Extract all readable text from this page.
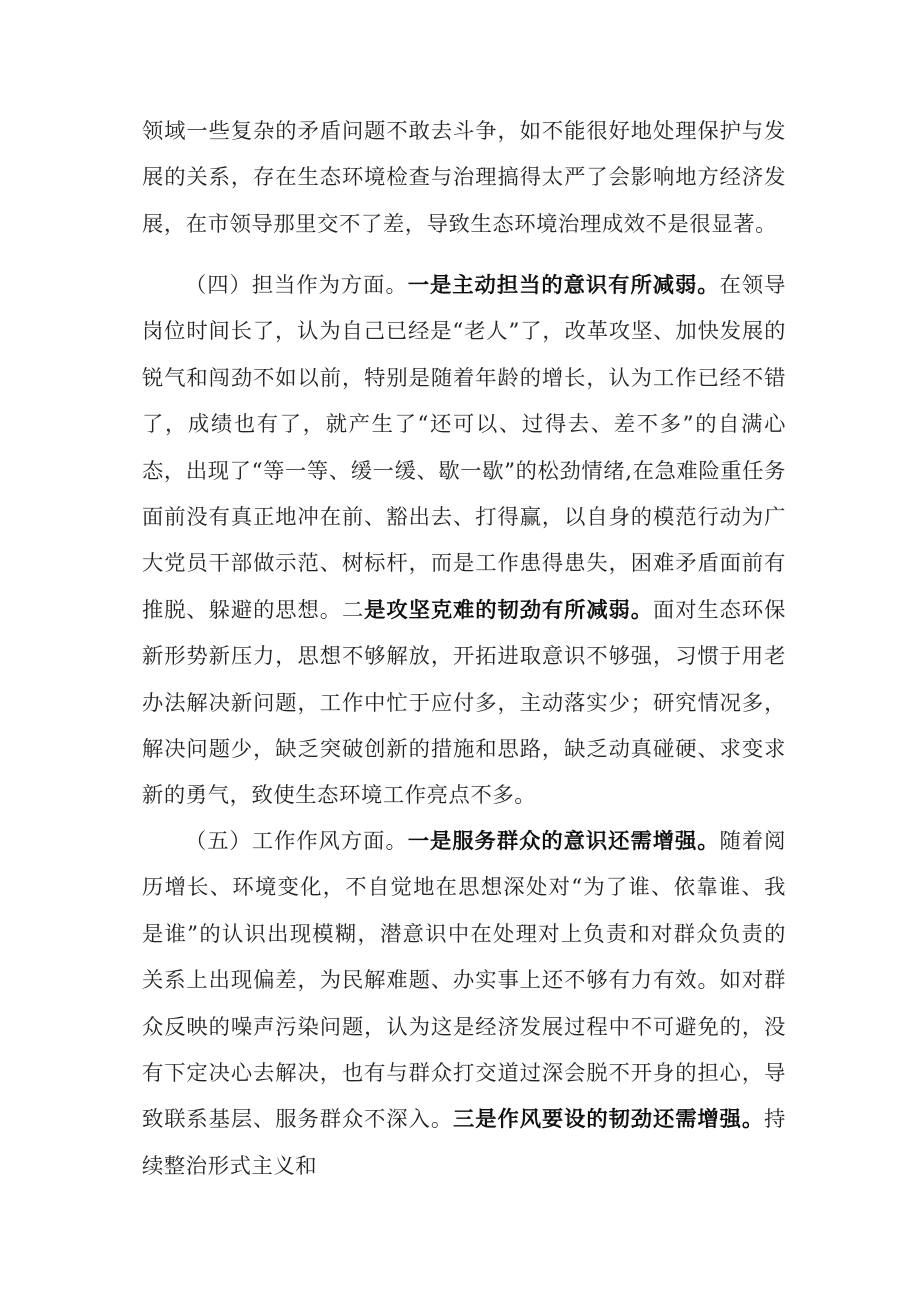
领域一些复杂的矛盾问题不敢去斗争，如不能很好地处理保护与发展的关系，存在生态环境检查与治理搞得太严了会影响地方经济发展，在市领导那里交不了差，导致生态环境治理成效不是很显著。

（四）担当作为方面。一是主动担当的意识有所减弱。在领导岗位时间长了，认为自己已经是“老人”了，改革攻坚、加快发展的锐气和闯劲不如以前，特别是随着年龄的增长，认为工作已经不错了，成绩也有了，就产生了“还可以、过得去、差不多”的自满心态，出现了“等一等、缓一缓、歇一歇”的松劲情绪,在急难险重任务面前没有真正地冲在前、豁出去、打得赢，以自身的模范行动为广大党员干部做示范、树标杆，而是工作患得患失，困难矛盾面前有推脱、躲避的思想。二是攻坚克难的韧劲有所减弱。面对生态环保新形势新压力，思想不够解放，开拓进取意识不够强，习惯于用老办法解决新问题，工作中忙于应付多，主动落实少；研究情况多，解决问题少，缺乏突破创新的措施和思路，缺乏动真碰硬、求变求新的勇气，致使生态环境工作亮点不多。

（五）工作作风方面。一是服务群众的意识还需增强。随着阅历增长、环境变化，不自觉地在思想深处对“为了谁、依靠谁、我是谁”的认识出现模糊，潜意识中在处理对上负责和对群众负责的关系上出现偏差，为民解难题、办实事上还不够有力有效。如对群众反映的噪声污染问题，认为这是经济发展过程中不可避免的，没有下定决心去解决，也有与群众打交道过深会脱不开身的担心，导致联系基层、服务群众不深入。三是作风要设的韧劲还需增强。持续整治形式主义和
